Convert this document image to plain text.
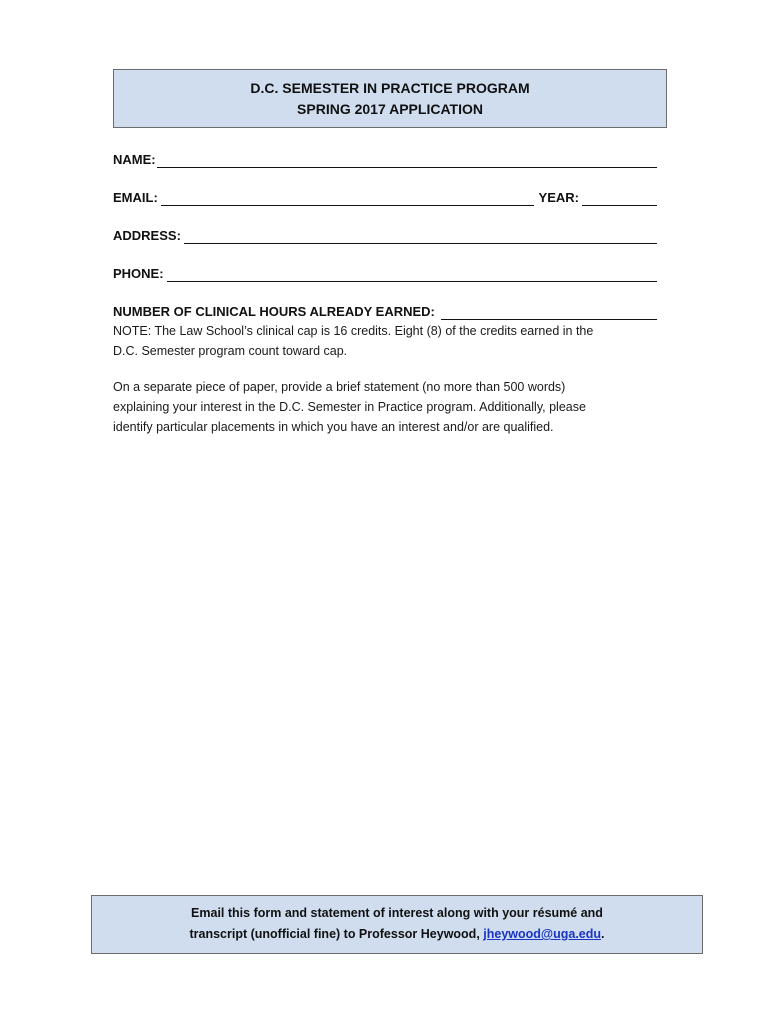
D.C. SEMESTER IN PRACTICE PROGRAM
SPRING 2017 APPLICATION
NAME:
EMAIL:	YEAR:
ADDRESS:
PHONE:
NUMBER OF CLINICAL HOURS ALREADY EARNED:
NOTE: The Law School’s clinical cap is 16 credits. Eight (8) of the credits earned in the
D.C. Semester program count toward cap.
On a separate piece of paper, provide a brief statement (no more than 500 words)
explaining your interest in the D.C. Semester in Practice program. Additionally, please
identify particular placements in which you have an interest and/or are qualified.
Email this form and statement of interest along with your résumé and
transcript (unofficial fine) to Professor Heywood, jheywood@uga.edu.
